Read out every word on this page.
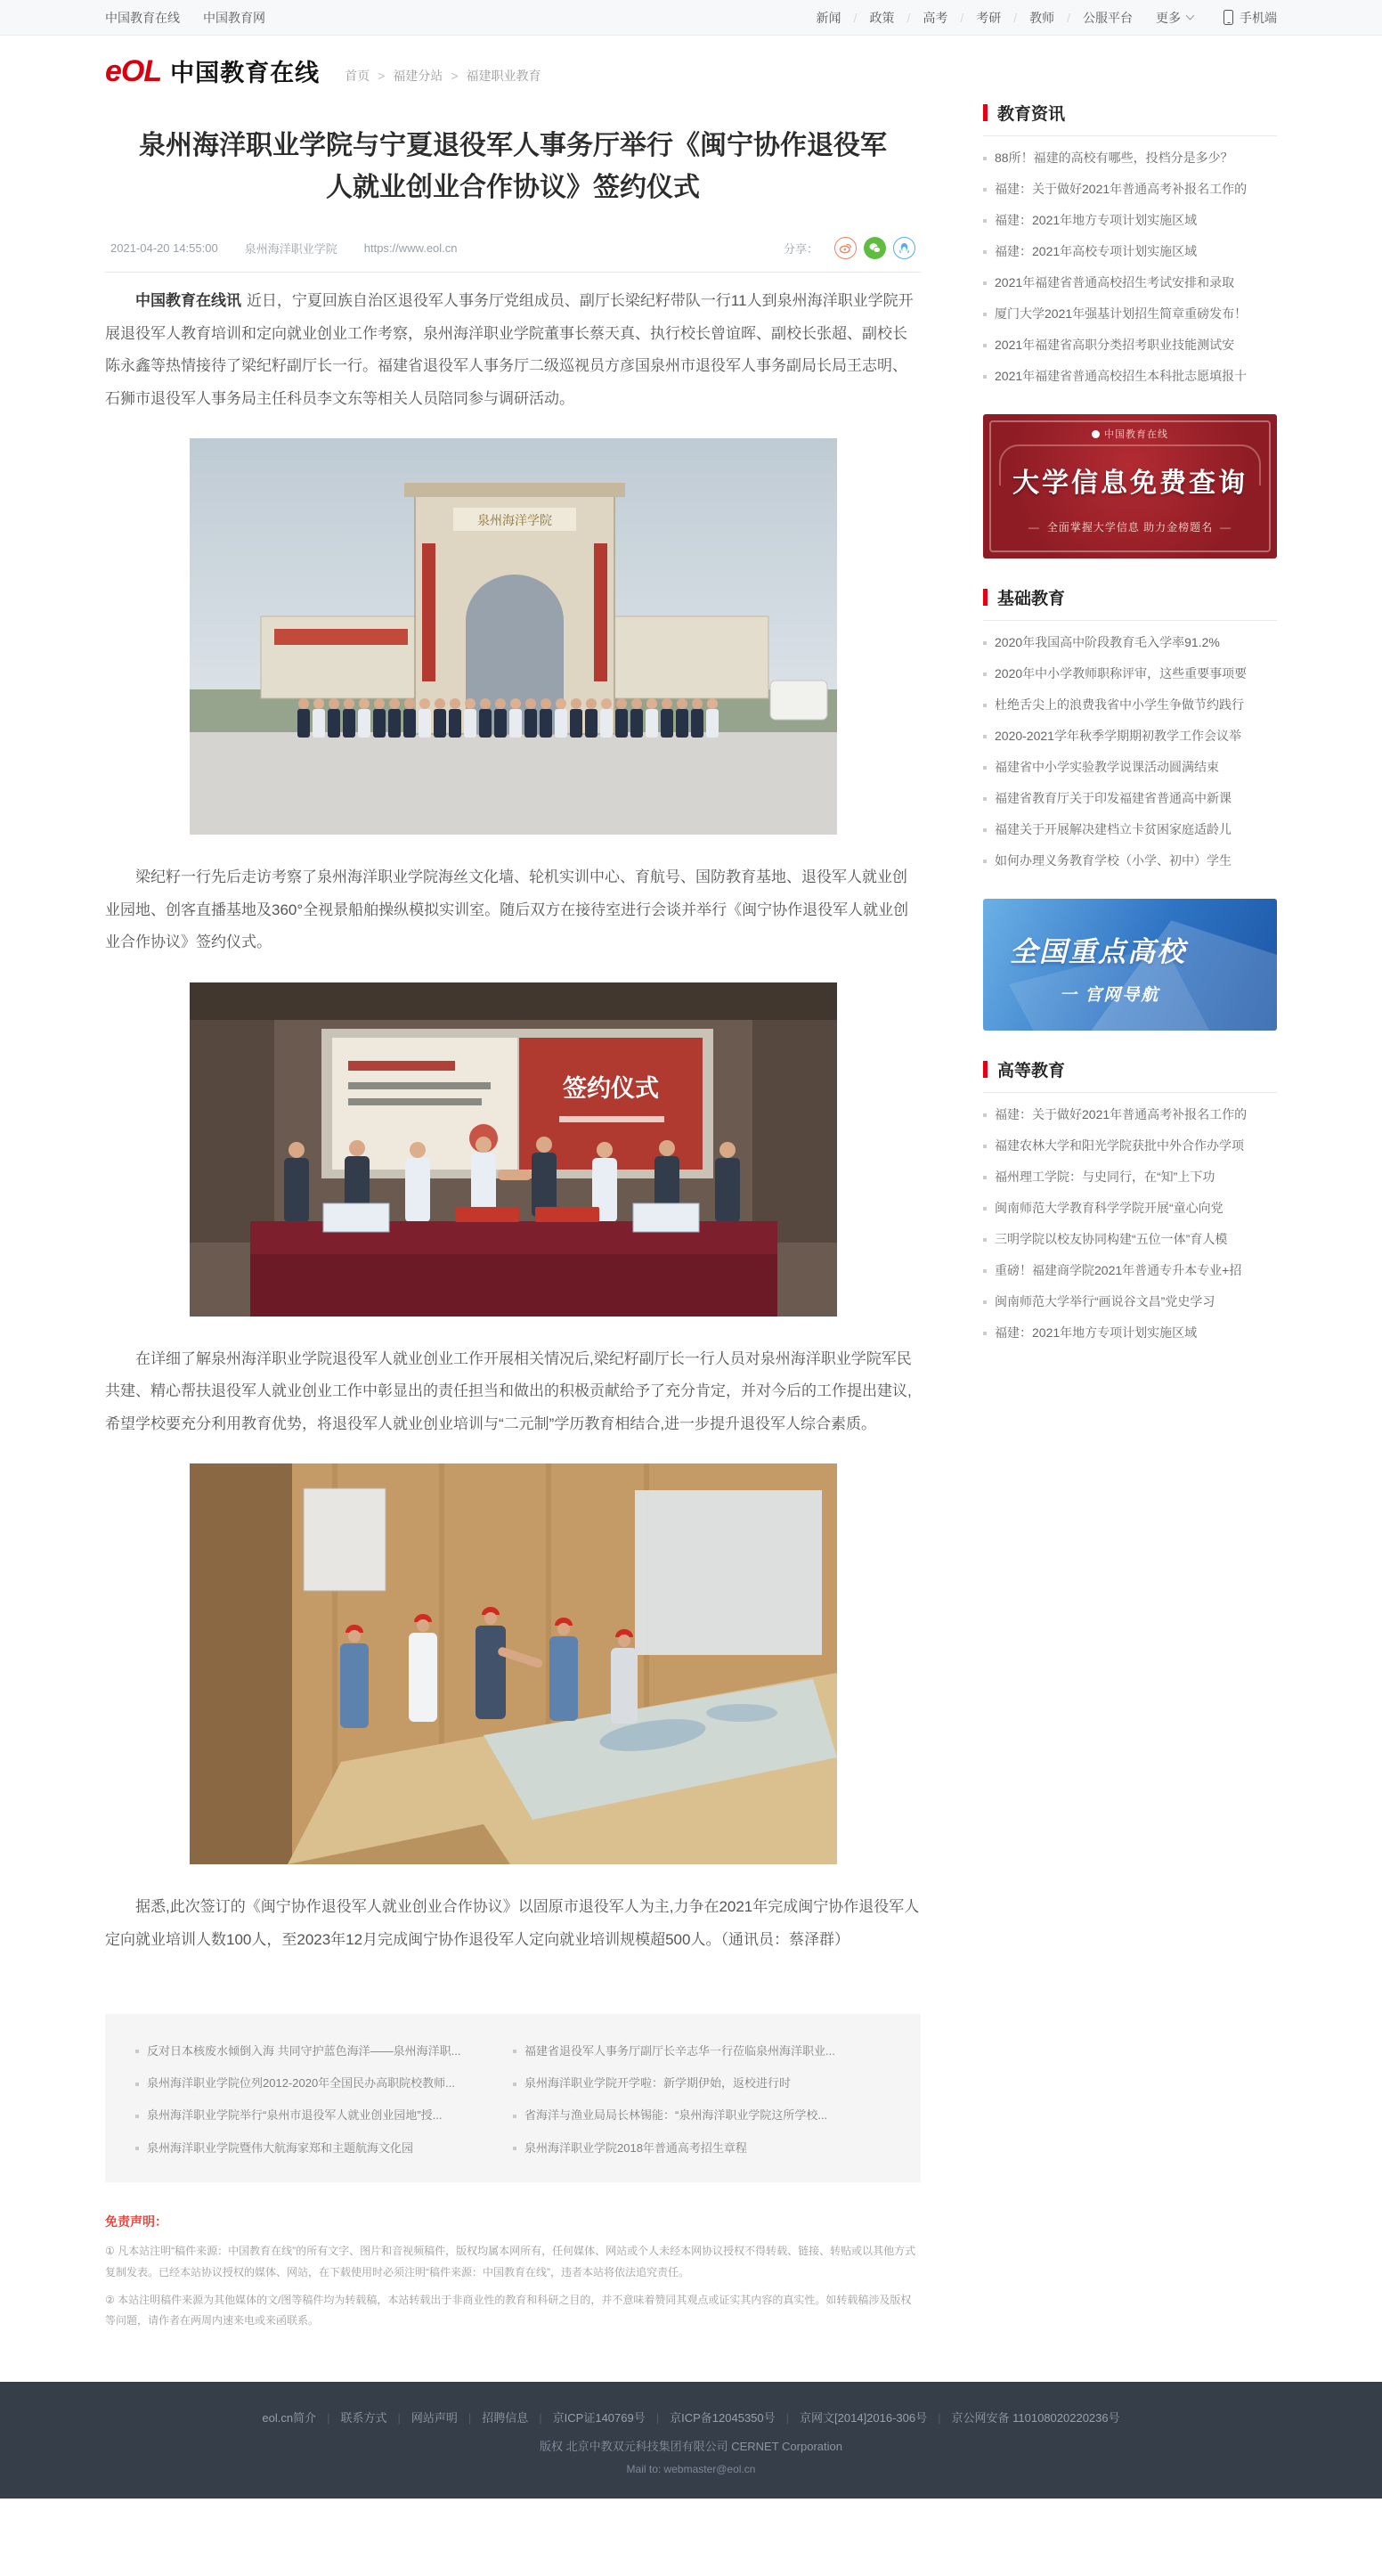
中国教育在线 中国教育网	新闻 /	政策 /	高考 /	考研 /	教师 /	公服平台 更多	手机端
eOL 中国教育在线 首页 > 福建分站 > 福建职业教育
泉州海洋职业学院与宁夏退役军人事务厅举行《闽宁协作退役军人就业创业合作协议》签约仪式
2021-04-20 14:55:00 泉州海洋职业学院 https://www.eol.cn	分享：

中国教育在线讯 近日，宁夏回族自治区退役军人事务厅党组成员、副厅长梁纪籽带队一行11人到泉州海洋职业学院开展退役军人教育培训和定向就业创业工作考察，泉州海洋职业学院董事长蔡天真、执行校长曾谊晖、副校长张超、副校长陈永鑫等热情接待了梁纪籽副厅长一行。福建省退役军人事务厅二级巡视员方彦国泉州市退役军人事务副局长局王志明、石狮市退役军人事务局主任科员李文东等相关人员陪同参与调研活动。

泉州海洋学院

梁纪籽一行先后走访考察了泉州海洋职业学院海丝文化墙、轮机实训中心、育航号、国防教育基地、退役军人就业创业园地、创客直播基地及360°全视景船舶操纵模拟实训室。随后双方在接待室进行会谈并举行《闽宁协作退役军人就业创业合作协议》签约仪式。

签约仪式

在详细了解泉州海洋职业学院退役军人就业创业工作开展相关情况后,梁纪籽副厅长一行人员对泉州海洋职业学院军民共建、精心帮扶退役军人就业创业工作中彰显出的责任担当和做出的积极贡献给予了充分肯定，并对今后的工作提出建议,希望学校要充分利用教育优势，将退役军人就业创业培训与“二元制”学历教育相结合,进一步提升退役军人综合素质。

据悉,此次签订的《闽宁协作退役军人就业创业合作协议》以固原市退役军人为主,力争在2021年完成闽宁协作退役军人定向就业培训人数100人，至2023年12月完成闽宁协作退役军人定向就业培训规模超500人。（通讯员：蔡泽群）

反对日本核废水倾倒入海 共同守护蓝色海洋——泉州海洋职...
泉州海洋职业学院位列2012-2020年全国民办高职院校教师...
泉州海洋职业学院举行“泉州市退役军人就业创业园地”授...
泉州海洋职业学院暨伟大航海家郑和主题航海文化园
福建省退役军人事务厅副厅长辛志华一行莅临泉州海洋职业...
泉州海洋职业学院开学啦：新学期伊始，返校进行时
省海洋与渔业局局长林锡能：“泉州海洋职业学院这所学校...
泉州海洋职业学院2018年普通高考招生章程
免责声明：

① 凡本站注明“稿件来源：中国教育在线”的所有文字、图片和音视频稿件，版权均属本网所有，任何媒体、网站或个人未经本网协议授权不得转载、链接、转贴或以其他方式复制发表。已经本站协议授权的媒体、网站，在下载使用时必须注明“稿件来源：中国教育在线”，违者本站将依法追究责任。

② 本站注明稿件来源为其他媒体的文/图等稿件均为转载稿，本站转载出于非商业性的教育和科研之目的，并不意味着赞同其观点或证实其内容的真实性。如转载稿涉及版权等问题，请作者在两周内速来电或来函联系。

教育资讯
88所！福建的高校有哪些，投档分是多少？
福建：关于做好2021年普通高考补报名工作的
福建：2021年地方专项计划实施区域
福建：2021年高校专项计划实施区域
2021年福建省普通高校招生考试安排和录取
厦门大学2021年强基计划招生简章重磅发布！
2021年福建省高职分类招考职业技能测试安
2021年福建省普通高校招生本科批志愿填报十
中国教育在线
大学信息免费查询
— 全面掌握大学信息 助力金榜题名 —
基础教育
2020年我国高中阶段教育毛入学率91.2%
2020年中小学教师职称评审，这些重要事项要
杜绝舌尖上的浪费我省中小学生争做节约践行
2020-2021学年秋季学期期初教学工作会议举
福建省中小学实验教学说课活动圆满结束
福建省教育厅关于印发福建省普通高中新课
福建关于开展解决建档立卡贫困家庭适龄儿
如何办理义务教育学校（小学、初中）学生
全国重点高校
一 官网导航
高等教育
福建：关于做好2021年普通高考补报名工作的
福建农林大学和阳光学院获批中外合作办学项
福州理工学院：与史同行，在“知”上下功
闽南师范大学教育科学学院开展“童心向党
三明学院以校友协同构建“五位一体”育人模
重磅！福建商学院2021年普通专升本专业+招
闽南师范大学举行“画说谷文昌”党史学习
福建：2021年地方专项计划实施区域
eol.cn简介 | 联系方式 | 网站声明 | 招聘信息 | 京ICP证140769号 | 京ICP备12045350号 | 京网文[2014]2016-306号 | 京公网安备 110108020220236号
版权 北京中教双元科技集团有限公司 CERNET Corporation
Mail to: webmaster@eol.cn
